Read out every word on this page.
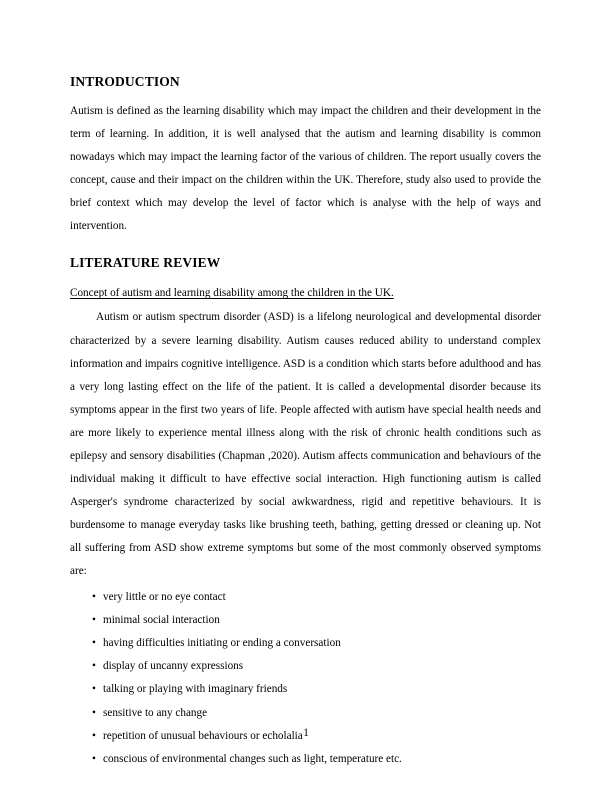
INTRODUCTION

Autism is defined as the learning disability which may impact the children and their development in the term of learning. In addition, it is well analysed that the autism and learning disability is common nowadays which may impact the learning factor of the various of children. The report usually covers the concept, cause and their impact on the children within the UK. Therefore, study also used to provide the brief context which may develop the level of factor which is analyse with the help of ways and intervention.

LITERATURE REVIEW
Concept of autism and learning disability among the children in the UK.

Autism or autism spectrum disorder (ASD) is a lifelong neurological and developmental disorder characterized by a severe learning disability. Autism causes reduced ability to understand complex information and impairs cognitive intelligence. ASD is a condition which starts before adulthood and has a very long lasting effect on the life of the patient. It is called a developmental disorder because its symptoms appear in the first two years of life. People affected with autism have special health needs and are more likely to experience mental illness along with the risk of chronic health conditions such as epilepsy and sensory disabilities (Chapman ,2020). Autism affects communication and behaviours of the individual making it difficult to have effective social interaction. High functioning autism is called Asperger's syndrome characterized by social awkwardness, rigid and repetitive behaviours. It is burdensome to manage everyday tasks like brushing teeth, bathing, getting dressed or cleaning up. Not all suffering from ASD show extreme symptoms but some of the most commonly observed symptoms are:

• very little or no eye contact
• minimal social interaction
• having difficulties initiating or ending a conversation
• display of uncanny expressions
• talking or playing with imaginary friends
• sensitive to any change
• repetition of unusual behaviours or echolalia
• conscious of environmental changes such as light, temperature etc.
1
